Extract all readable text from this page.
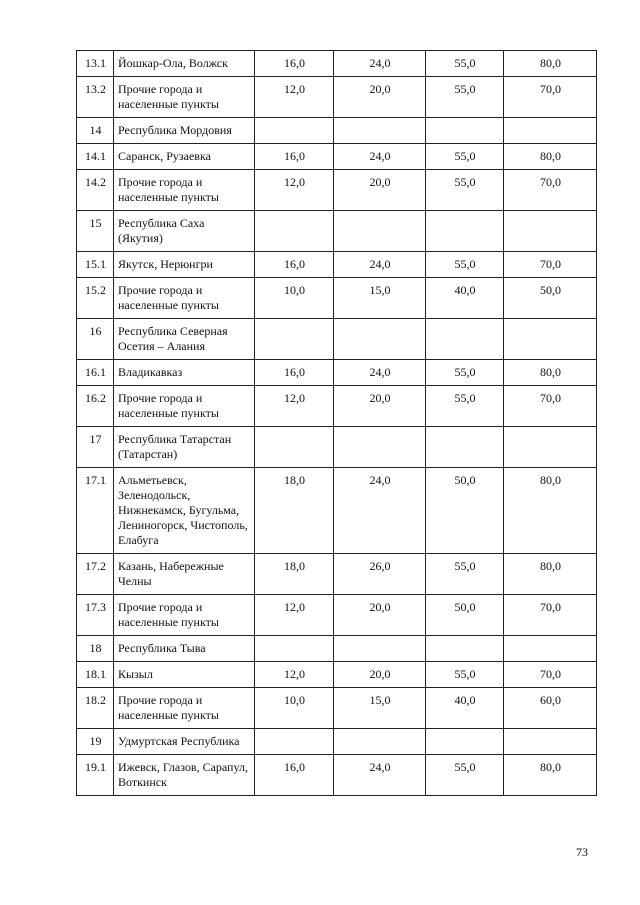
13.1	Йошкар-Ола, Волжск	16,0	24,0	55,0	80,0
13.2	Прочие города и населенные пункты	12,0	20,0	55,0	70,0
14	Республика Мордовия				
14.1	Саранск, Рузаевка	16,0	24,0	55,0	80,0
14.2	Прочие города и населенные пункты	12,0	20,0	55,0	70,0
15	Республика Саха (Якутия)				
15.1	Якутск, Нерюнгри	16,0	24,0	55,0	70,0
15.2	Прочие города и населенные пункты	10,0	15,0	40,0	50,0
16	Республика Северная Осетия – Алания				
16.1	Владикавказ	16,0	24,0	55,0	80,0
16.2	Прочие города и населенные пункты	12,0	20,0	55,0	70,0
17	Республика Татарстан (Татарстан)				
17.1	Альметьевск, Зеленодольск, Нижнекамск, Бугульма, Лениногорск, Чистополь, Елабуга	18,0	24,0	50,0	80,0
17.2	Казань, Набережные Челны	18,0	26,0	55,0	80,0
17.3	Прочие города и населенные пункты	12,0	20,0	50,0	70,0
18	Республика Тыва				
18.1	Кызыл	12,0	20,0	55,0	70,0
18.2	Прочие города и населенные пункты	10,0	15,0	40,0	60,0
19	Удмуртская Республика				
19.1	Ижевск, Глазов, Сарапул, Воткинск	16,0	24,0	55,0	80,0
73
